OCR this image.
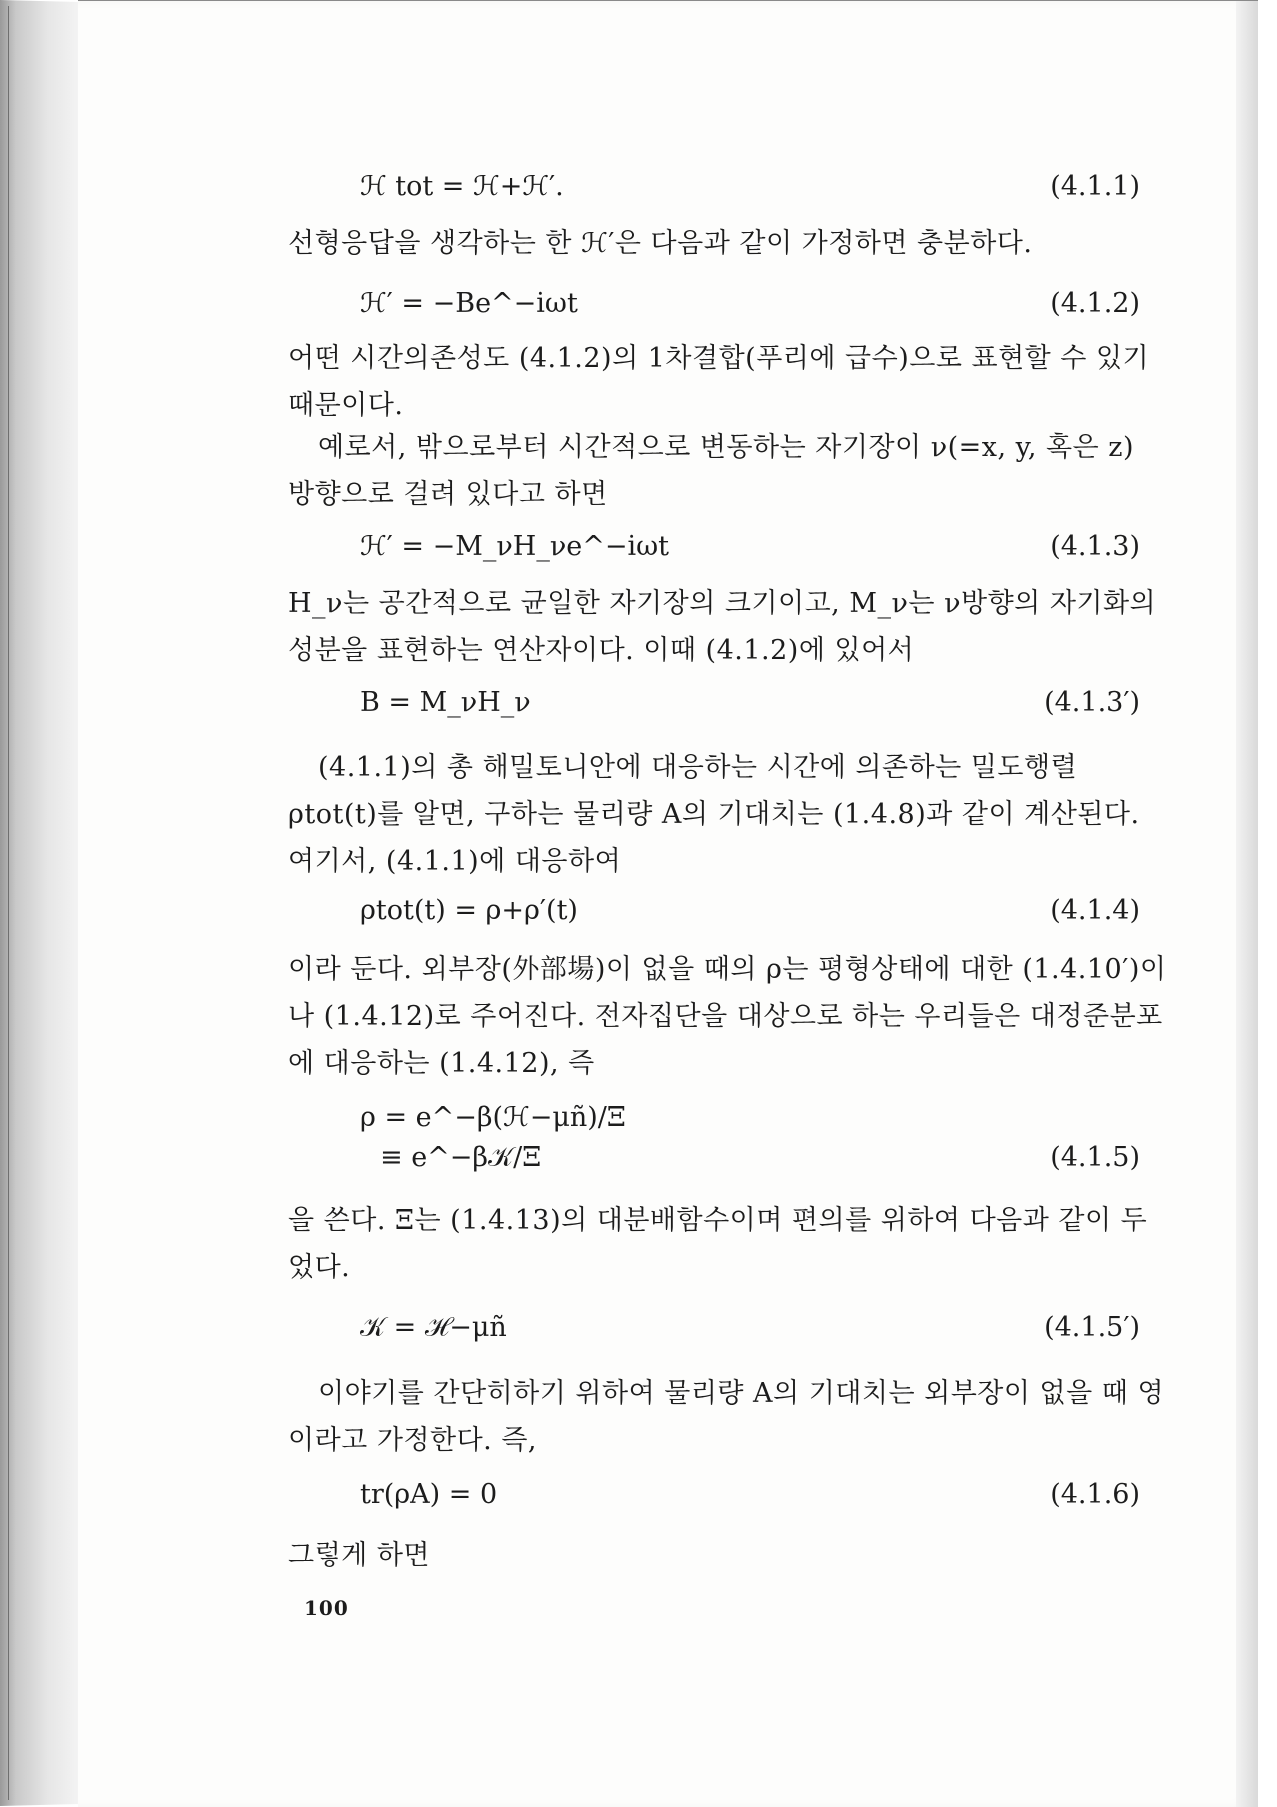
ℋ tot = ℋ+ℋ′.	(4.1.1)

선형응답을 생각하는 한 ℋ′은 다음과 같이 가정하면 충분하다.

ℋ′ = −Be^−iωt	(4.1.2)

어떤 시간의존성도 (4.1.2)의 1차결합(푸리에 급수)으로 표현할 수 있기 때문이다.

예로서, 밖으로부터 시간적으로 변동하는 자기장이 ν(=x, y, 혹은 z) 방향으로 걸려 있다고 하면

ℋ′ = −M_νH_νe^−iωt	(4.1.3)

H_ν는 공간적으로 균일한 자기장의 크기이고, M_ν는 ν방향의 자기화의 성분을 표현하는 연산자이다. 이때 (4.1.2)에 있어서

B = M_νH_ν	(4.1.3′)

(4.1.1)의 총 해밀토니안에 대응하는 시간에 의존하는 밀도행렬 ρtot(t)를 알면, 구하는 물리량 A의 기대치는 (1.4.8)과 같이 계산된다. 여기서, (4.1.1)에 대응하여

ρtot(t) = ρ+ρ′(t)	(4.1.4)

이라 둔다. 외부장(外部場)이 없을 때의 ρ는 평형상태에 대한 (1.4.10′)이나 (1.4.12)로 주어진다. 전자집단을 대상으로 하는 우리들은 대정준분포에 대응하는 (1.4.12), 즉

ρ = e^−β(ℋ−μñ)/Ξ
≡ e^−β𝒦/Ξ	(4.1.5)

을 쓴다. Ξ는 (1.4.13)의 대분배함수이며 편의를 위하여 다음과 같이 두었다.

𝒦 = ℋ−μñ	(4.1.5′)

이야기를 간단히하기 위하여 물리량 A의 기대치는 외부장이 없을 때 영이라고 가정한다. 즉,

tr(ρA) = 0	(4.1.6)

그렇게 하면

100
